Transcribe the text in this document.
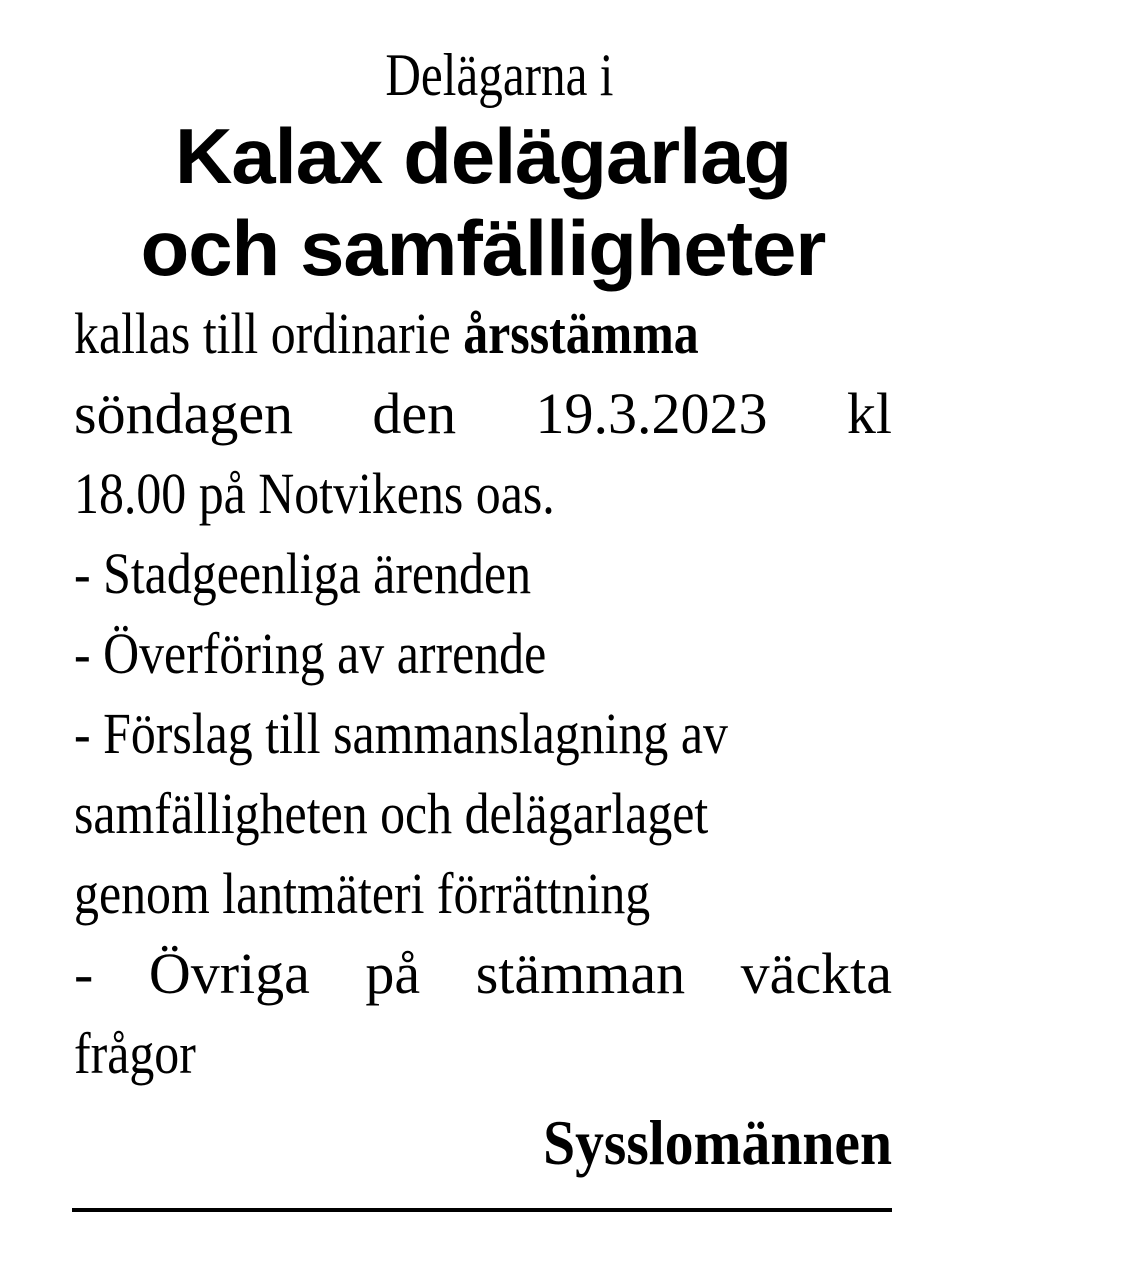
Delägarna i

Kalax delägarlag
och samfälligheter
kallas till ordinarie årsstämma
söndagen den 19.3.2023 kl
18.00 på Notvikens oas.
- Stadgeenliga ärenden
- Överföring av arrende
- Förslag till sammanslagning av
samfälligheten och delägarlaget
genom lantmäteri förrättning
- Övriga på stämman väckta
frågor
Sysslomännen
